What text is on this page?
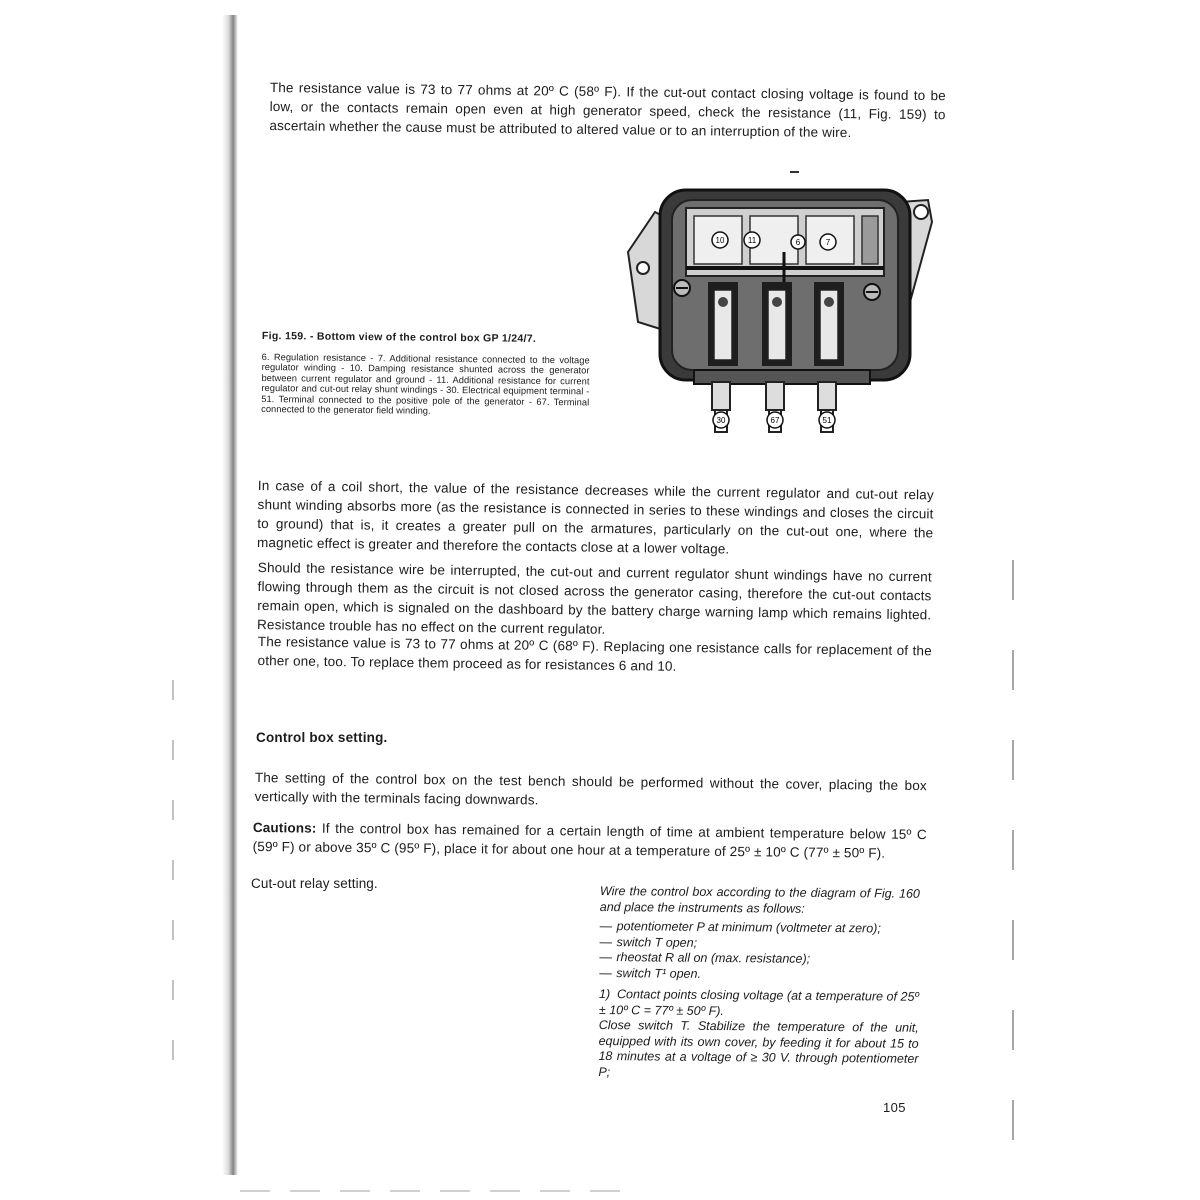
The resistance value is 73 to 77 ohms at 20º C (58º F). If the cut-out contact closing voltage is found to be low, or the contacts remain open even at high generator speed, check the resistance (11, Fig. 159) to ascertain whether the cause must be attributed to altered value or to an interruption of the wire.

10	11	6	7
30	67	51
Fig. 159. - Bottom view of the control box GP 1/24/7.
6. Regulation resistance - 7. Additional resistance connected to the voltage regulator winding - 10. Damping resistance shunted across the generator between current regulator and ground - 11. Additional resistance for current regulator and cut-out relay shunt windings - 30. Electrical equipment terminal - 51. Terminal connected to the positive pole of the generator - 67. Terminal connected to the generator field winding.

In case of a coil short, the value of the resistance decreases while the current regulator and cut-out relay shunt winding absorbs more (as the resistance is connected in series to these windings and closes the circuit to ground) that is, it creates a greater pull on the armatures, particularly on the cut-out one, where the magnetic effect is greater and therefore the contacts close at a lower voltage.

Should the resistance wire be interrupted, the cut-out and current regulator shunt windings have no current flowing through them as the circuit is not closed across the generator casing, therefore the cut-out contacts remain open, which is signaled on the dashboard by the battery charge warning lamp which remains lighted. Resistance trouble has no effect on the current regulator.

The resistance value is 73 to 77 ohms at 20º C (68º F). Replacing one resistance calls for replacement of the other one, too. To replace them proceed as for resistances 6 and 10.

Control box setting.

The setting of the control box on the test bench should be performed without the cover, placing the box vertically with the terminals facing downwards.

Cautions: If the control box has remained for a certain length of time at ambient temperature below 15º C (59º F) or above 35º C (95º F), place it for about one hour at a temperature of 25º ± 10º C (77º ± 50º F).

Cut-out relay setting.

Wire the control box according to the diagram of Fig. 160 and place the instruments as follows:

— potentiometer P at minimum (voltmeter at zero);
— switch T open;
— rheostat R all on (max. resistance);
— switch T¹ open.

1) Contact points closing voltage (at a temperature of 25º ± 10º C = 77º ± 50º F).

Close switch T. Stabilize the temperature of the unit, equipped with its own cover, by feeding it for about 15 to 18 minutes at a voltage of ≥ 30 V. through potentiometer P;

105
